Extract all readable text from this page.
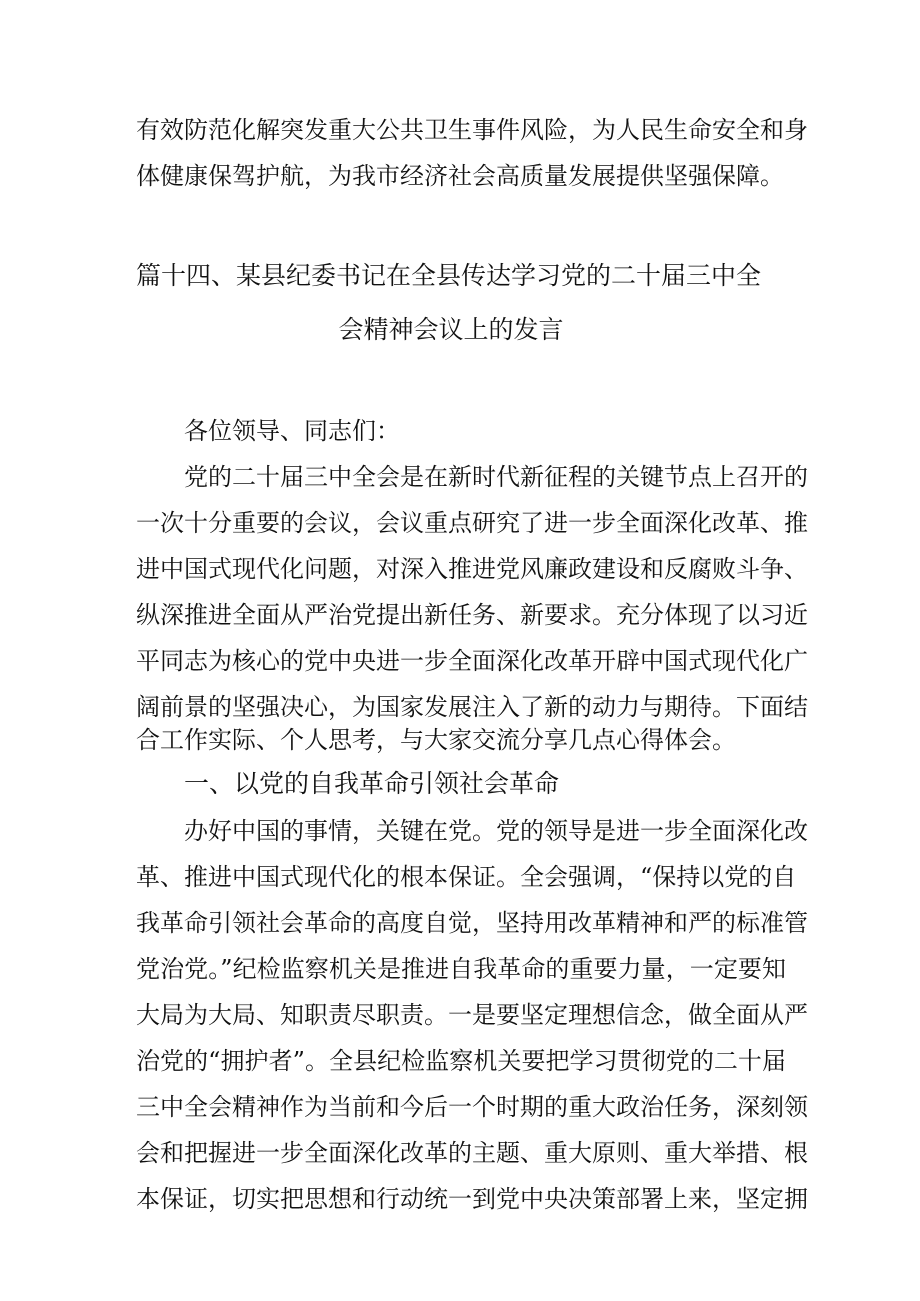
有效防范化解突发重大公共卫生事件风险，为人民生命安全和身
体健康保驾护航，为我市经济社会高质量发展提供坚强保障。
篇十四、某县纪委书记在全县传达学习党的二十届三中全
会精神会议上的发言
各位领导、同志们：
党的二十届三中全会是在新时代新征程的关键节点上召开的
一次十分重要的会议，会议重点研究了进一步全面深化改革、推
进中国式现代化问题，对深入推进党风廉政建设和反腐败斗争、
纵深推进全面从严治党提出新任务、新要求。充分体现了以习近
平同志为核心的党中央进一步全面深化改革开辟中国式现代化广
阔前景的坚强决心，为国家发展注入了新的动力与期待。下面结
合工作实际、个人思考，与大家交流分享几点心得体会。
一、以党的自我革命引领社会革命
办好中国的事情，关键在党。党的领导是进一步全面深化改
革、推进中国式现代化的根本保证。全会强调，“保持以党的自
我革命引领社会革命的高度自觉，坚持用改革精神和严的标准管
党治党。”纪检监察机关是推进自我革命的重要力量，一定要知
大局为大局、知职责尽职责。一是要坚定理想信念，做全面从严
治党的“拥护者”。全县纪检监察机关要把学习贯彻党的二十届
三中全会精神作为当前和今后一个时期的重大政治任务，深刻领
会和把握进一步全面深化改革的主题、重大原则、重大举措、根
本保证，切实把思想和行动统一到党中央决策部署上来，坚定拥
